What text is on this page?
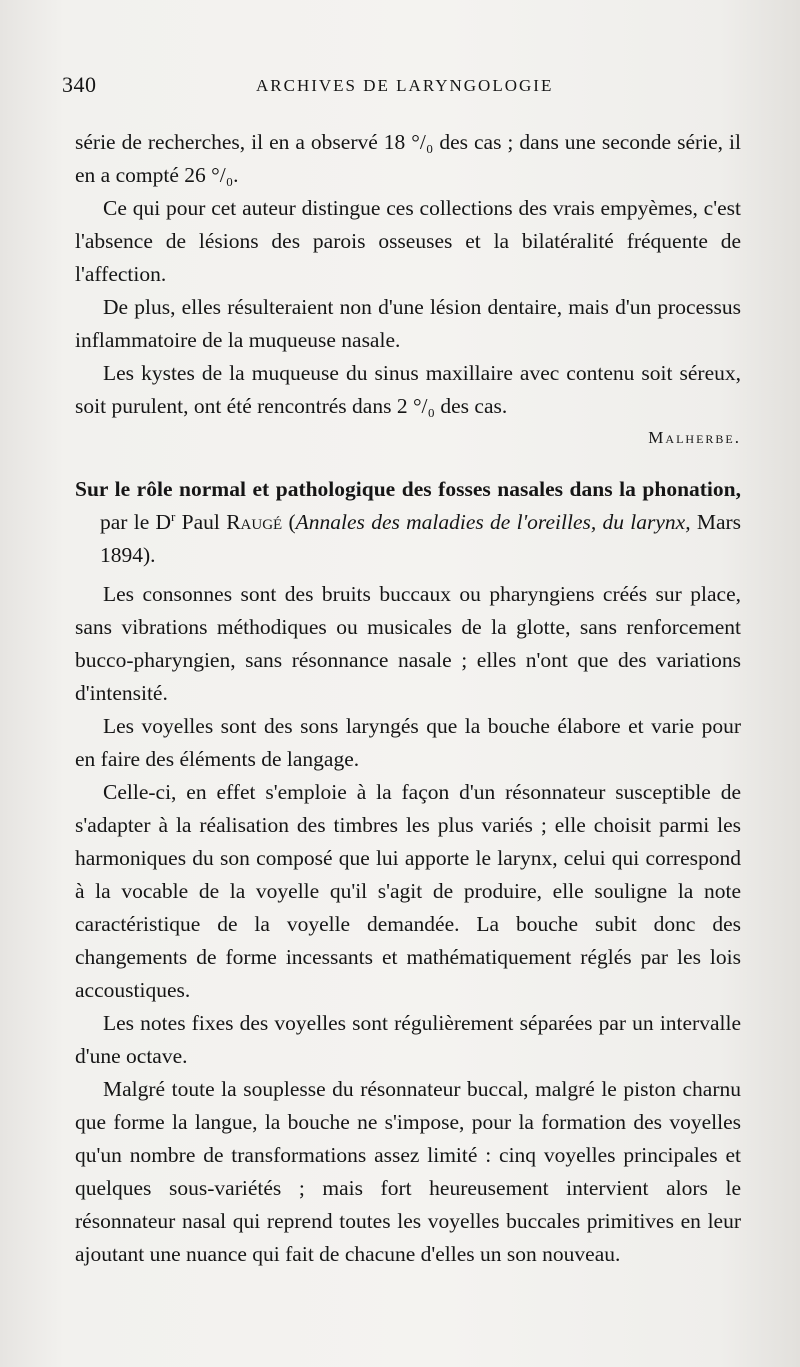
340	ARCHIVES DE LARYNGOLOGIE

série de recherches, il en a observé 18 °/₀ des cas ; dans une seconde série, il en a compté 26 °/₀.

Ce qui pour cet auteur distingue ces collections des vrais empyèmes, c'est l'absence de lésions des parois osseuses et la bilatéralité fréquente de l'affection.

De plus, elles résulteraient non d'une lésion dentaire, mais d'un processus inflammatoire de la muqueuse nasale.

Les kystes de la muqueuse du sinus maxillaire avec contenu soit séreux, soit purulent, ont été rencontrés dans 2 °/₀ des cas.

Malherbe.

Sur le rôle normal et pathologique des fosses nasales dans la phonation, par le $D^r$ Paul Raugé (Annales des maladies de l'oreilles, du larynx, Mars 1894).

Les consonnes sont des bruits buccaux ou pharyngiens créés sur place, sans vibrations méthodiques ou musicales de la glotte, sans renforcement bucco-pharyngien, sans résonnance nasale ; elles n'ont que des variations d'intensité.

Les voyelles sont des sons laryngés que la bouche élabore et varie pour en faire des éléments de langage.

Celle-ci, en effet s'emploie à la façon d'un résonnateur susceptible de s'adapter à la réalisation des timbres les plus variés ; elle choisit parmi les harmoniques du son composé que lui apporte le larynx, celui qui correspond à la vocable de la voyelle qu'il s'agit de produire, elle souligne la note caractéristique de la voyelle demandée. La bouche subit donc des changements de forme incessants et mathématiquement réglés par les lois accoustiques.

Les notes fixes des voyelles sont régulièrement séparées par un intervalle d'une octave.

Malgré toute la souplesse du résonnateur buccal, malgré le piston charnu que forme la langue, la bouche ne s'impose, pour la formation des voyelles qu'un nombre de transformations assez limité : cinq voyelles principales et quelques sous-variétés ; mais fort heureusement intervient alors le résonnateur nasal qui reprend toutes les voyelles buccales primitives en leur ajoutant une nuance qui fait de chacune d'elles un son nouveau.
